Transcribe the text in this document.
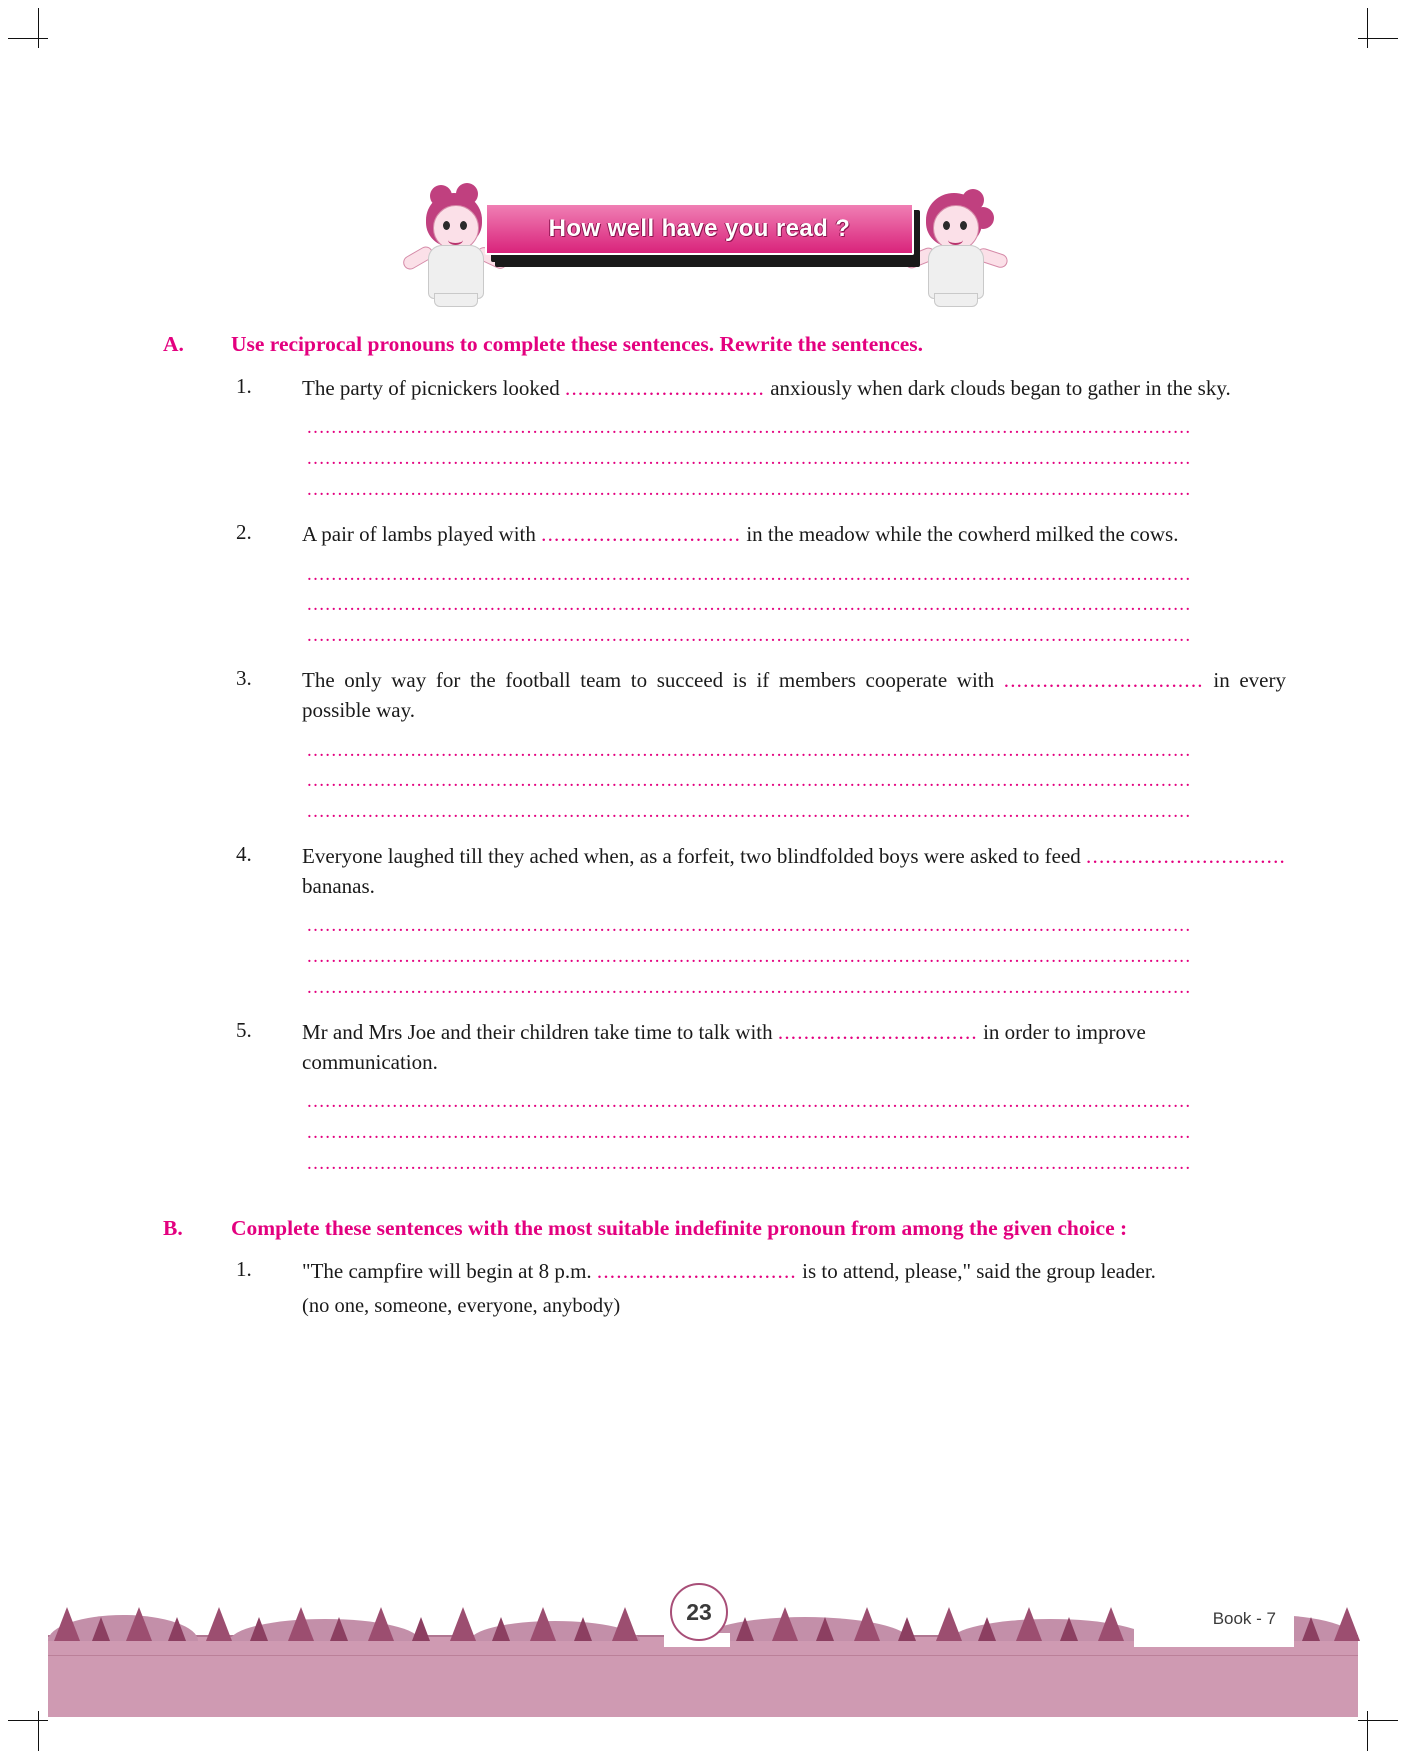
How well have you read ?
A.	Use reciprocal pronouns to complete these sentences. Rewrite the sentences.
1.	The party of picnickers looked ............................... anxiously when dark clouds began to gather in the sky.
.................................................................................................................................................
.................................................................................................................................................
.................................................................................................................................................
2.	A pair of lambs played with ............................... in the meadow while the cowherd milked the cows.
.................................................................................................................................................
.................................................................................................................................................
.................................................................................................................................................
3.	The only way for the football team to succeed is if members cooperate with ............................... in every possible way.
.................................................................................................................................................
.................................................................................................................................................
.................................................................................................................................................
4.	Everyone laughed till they ached when, as a forfeit, two blindfolded boys were asked to feed ............................... bananas.
.................................................................................................................................................
.................................................................................................................................................
.................................................................................................................................................
5.	Mr and Mrs Joe and their children take time to talk with ............................... in order to improve communication.
.................................................................................................................................................
.................................................................................................................................................
.................................................................................................................................................
B.	Complete these sentences with the most suitable indefinite pronoun from among the given choice :
1.	"The campfire will begin at 8 p.m. ............................... is to attend, please," said the group leader.
(no one, someone, everyone, anybody)
23	Book - 7
